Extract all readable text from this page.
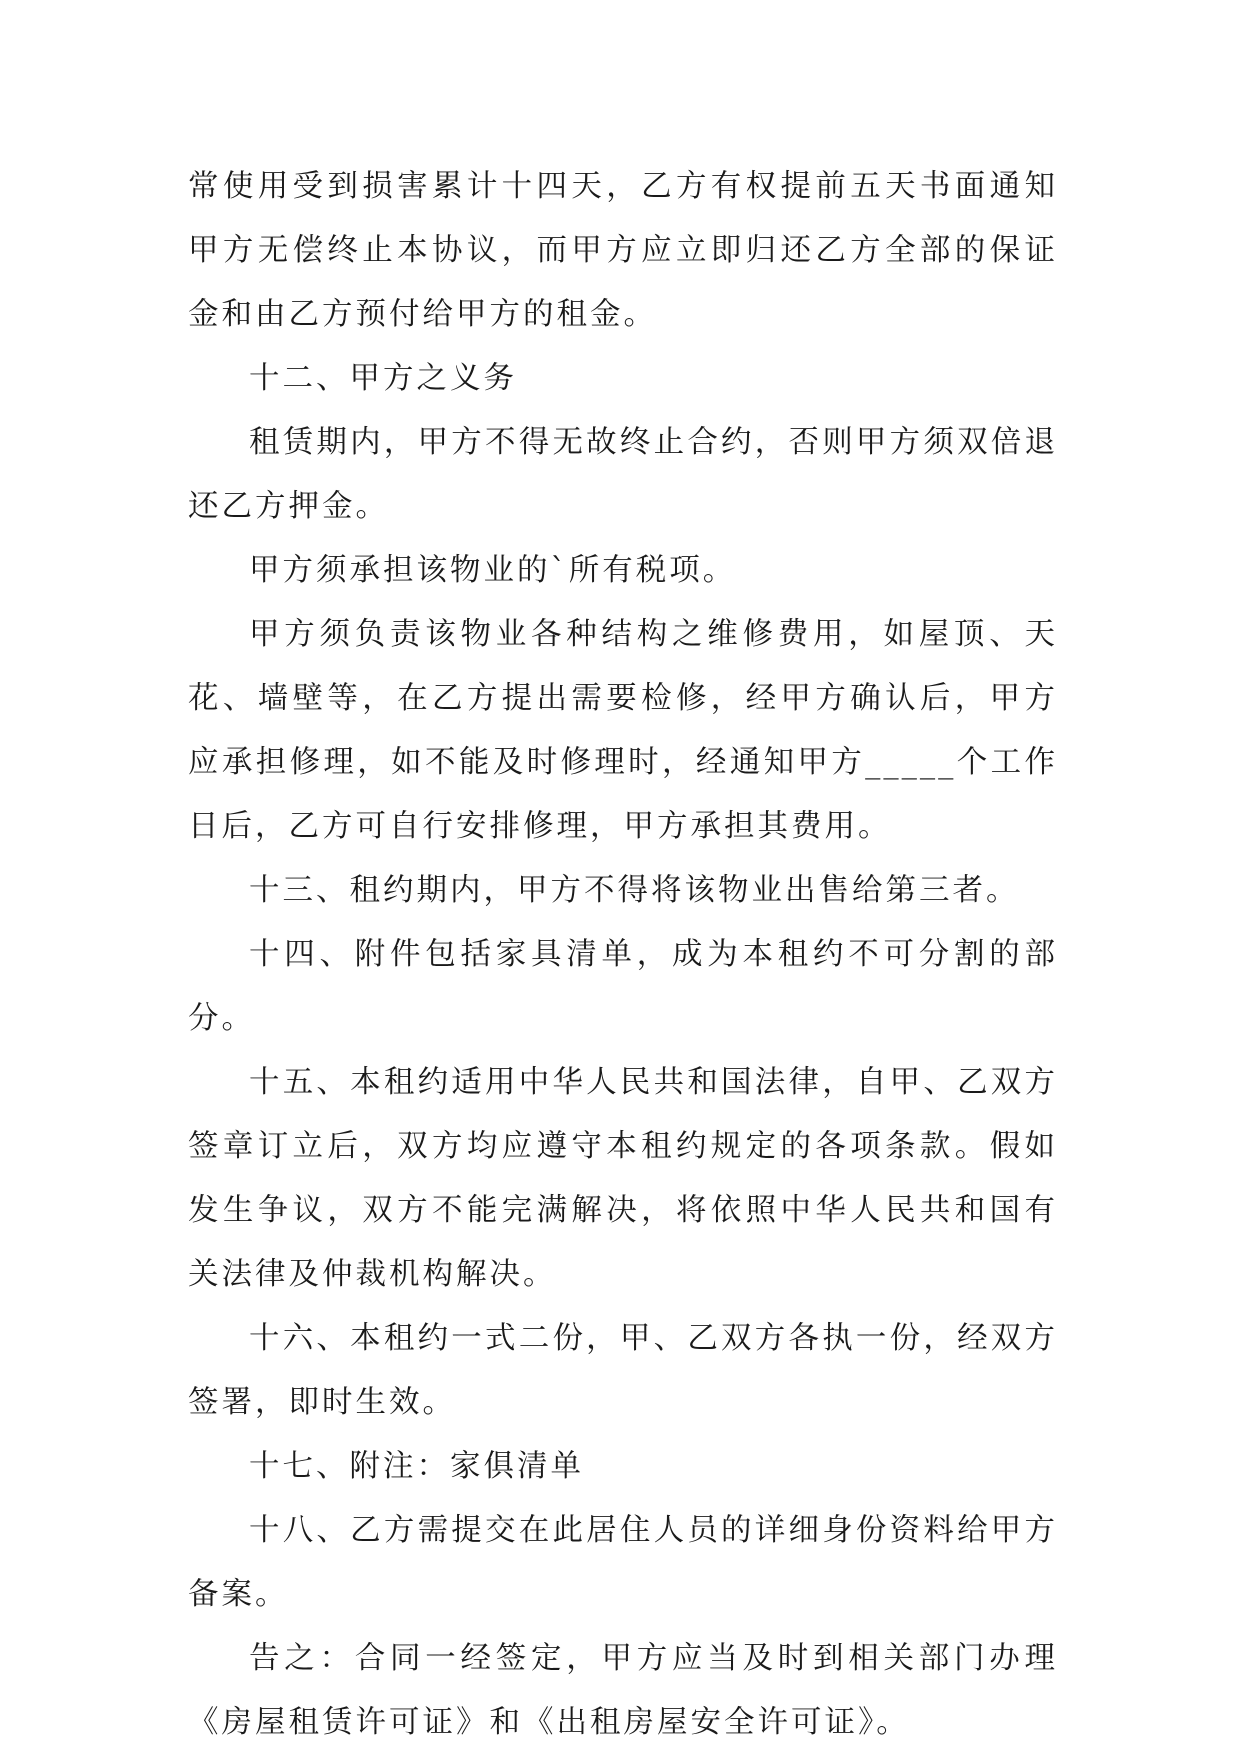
常使用受到损害累计十四天，乙方有权提前五天书面通知甲方无偿终止本协议，而甲方应立即归还乙方全部的保证金和由乙方预付给甲方的租金。

十二、甲方之义务

租赁期内，甲方不得无故终止合约，否则甲方须双倍退还乙方押金。

甲方须承担该物业的`所有税项。

甲方须负责该物业各种结构之维修费用，如屋顶、天花、墙壁等，在乙方提出需要检修，经甲方确认后，甲方应承担修理，如不能及时修理时，经通知甲方_____个工作日后，乙方可自行安排修理，甲方承担其费用。

十三、租约期内，甲方不得将该物业出售给第三者。

十四、附件包括家具清单，成为本租约不可分割的部分。

十五、本租约适用中华人民共和国法律，自甲、乙双方签章订立后，双方均应遵守本租约规定的各项条款。假如发生争议，双方不能完满解决，将依照中华人民共和国有关法律及仲裁机构解决。

十六、本租约一式二份，甲、乙双方各执一份，经双方签署，即时生效。

十七、附注：家俱清单

十八、乙方需提交在此居住人员的详细身份资料给甲方备案。

告之：合同一经签定，甲方应当及时到相关部门办理《房屋租赁许可证》和《出租房屋安全许可证》。
